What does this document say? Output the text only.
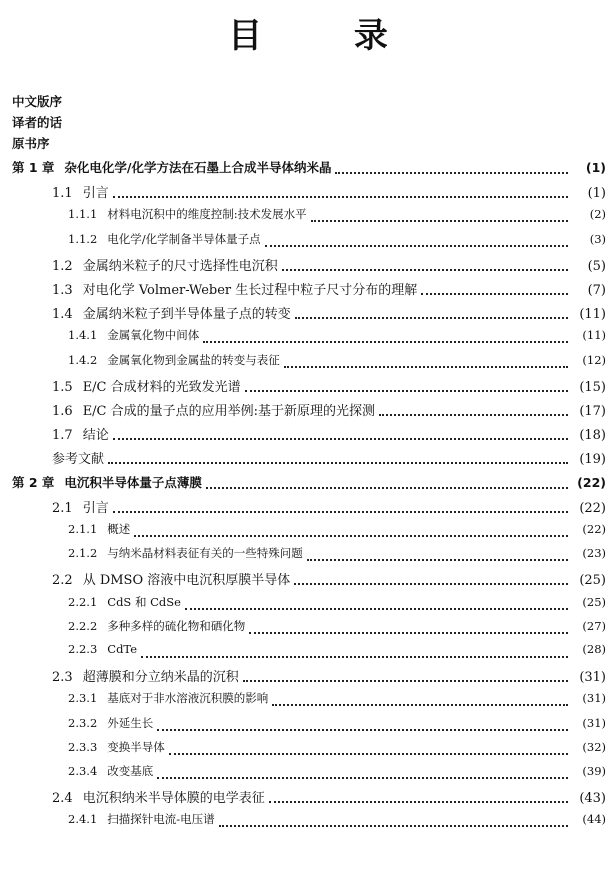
目 录
中文版序
译者的话
原书序
第 1 章 杂化电化学/化学方法在石墨上合成半导体纳米晶	(1)
1.1 引言	(1)
1.1.1 材料电沉积中的维度控制:技术发展水平	(2)
1.1.2 电化学/化学制备半导体量子点	(3)
1.2 金属纳米粒子的尺寸选择性电沉积	(5)
1.3 对电化学 Volmer-Weber 生长过程中粒子尺寸分布的理解	(7)
1.4 金属纳米粒子到半导体量子点的转变	(11)
1.4.1 金属氧化物中间体	(11)
1.4.2 金属氧化物到金属盐的转变与表征	(12)
1.5 E/C 合成材料的光致发光谱	(15)
1.6 E/C 合成的量子点的应用举例:基于新原理的光探测	(17)
1.7 结论	(18)
参考文献	(19)
第 2 章 电沉积半导体量子点薄膜	(22)
2.1 引言	(22)
2.1.1 概述	(22)
2.1.2 与纳米晶材料表征有关的一些特殊问题	(23)
2.2 从 DMSO 溶液中电沉积厚膜半导体	(25)
2.2.1 CdS 和 CdSe	(25)
2.2.2 多种多样的硫化物和硒化物	(27)
2.2.3 CdTe	(28)
2.3 超薄膜和分立纳米晶的沉积	(31)
2.3.1 基底对于非水溶液沉积膜的影响	(31)
2.3.2 外延生长	(31)
2.3.3 变换半导体	(32)
2.3.4 改变基底	(39)
2.4 电沉积纳米半导体膜的电学表征	(43)
2.4.1 扫描探针电流-电压谱	(44)
